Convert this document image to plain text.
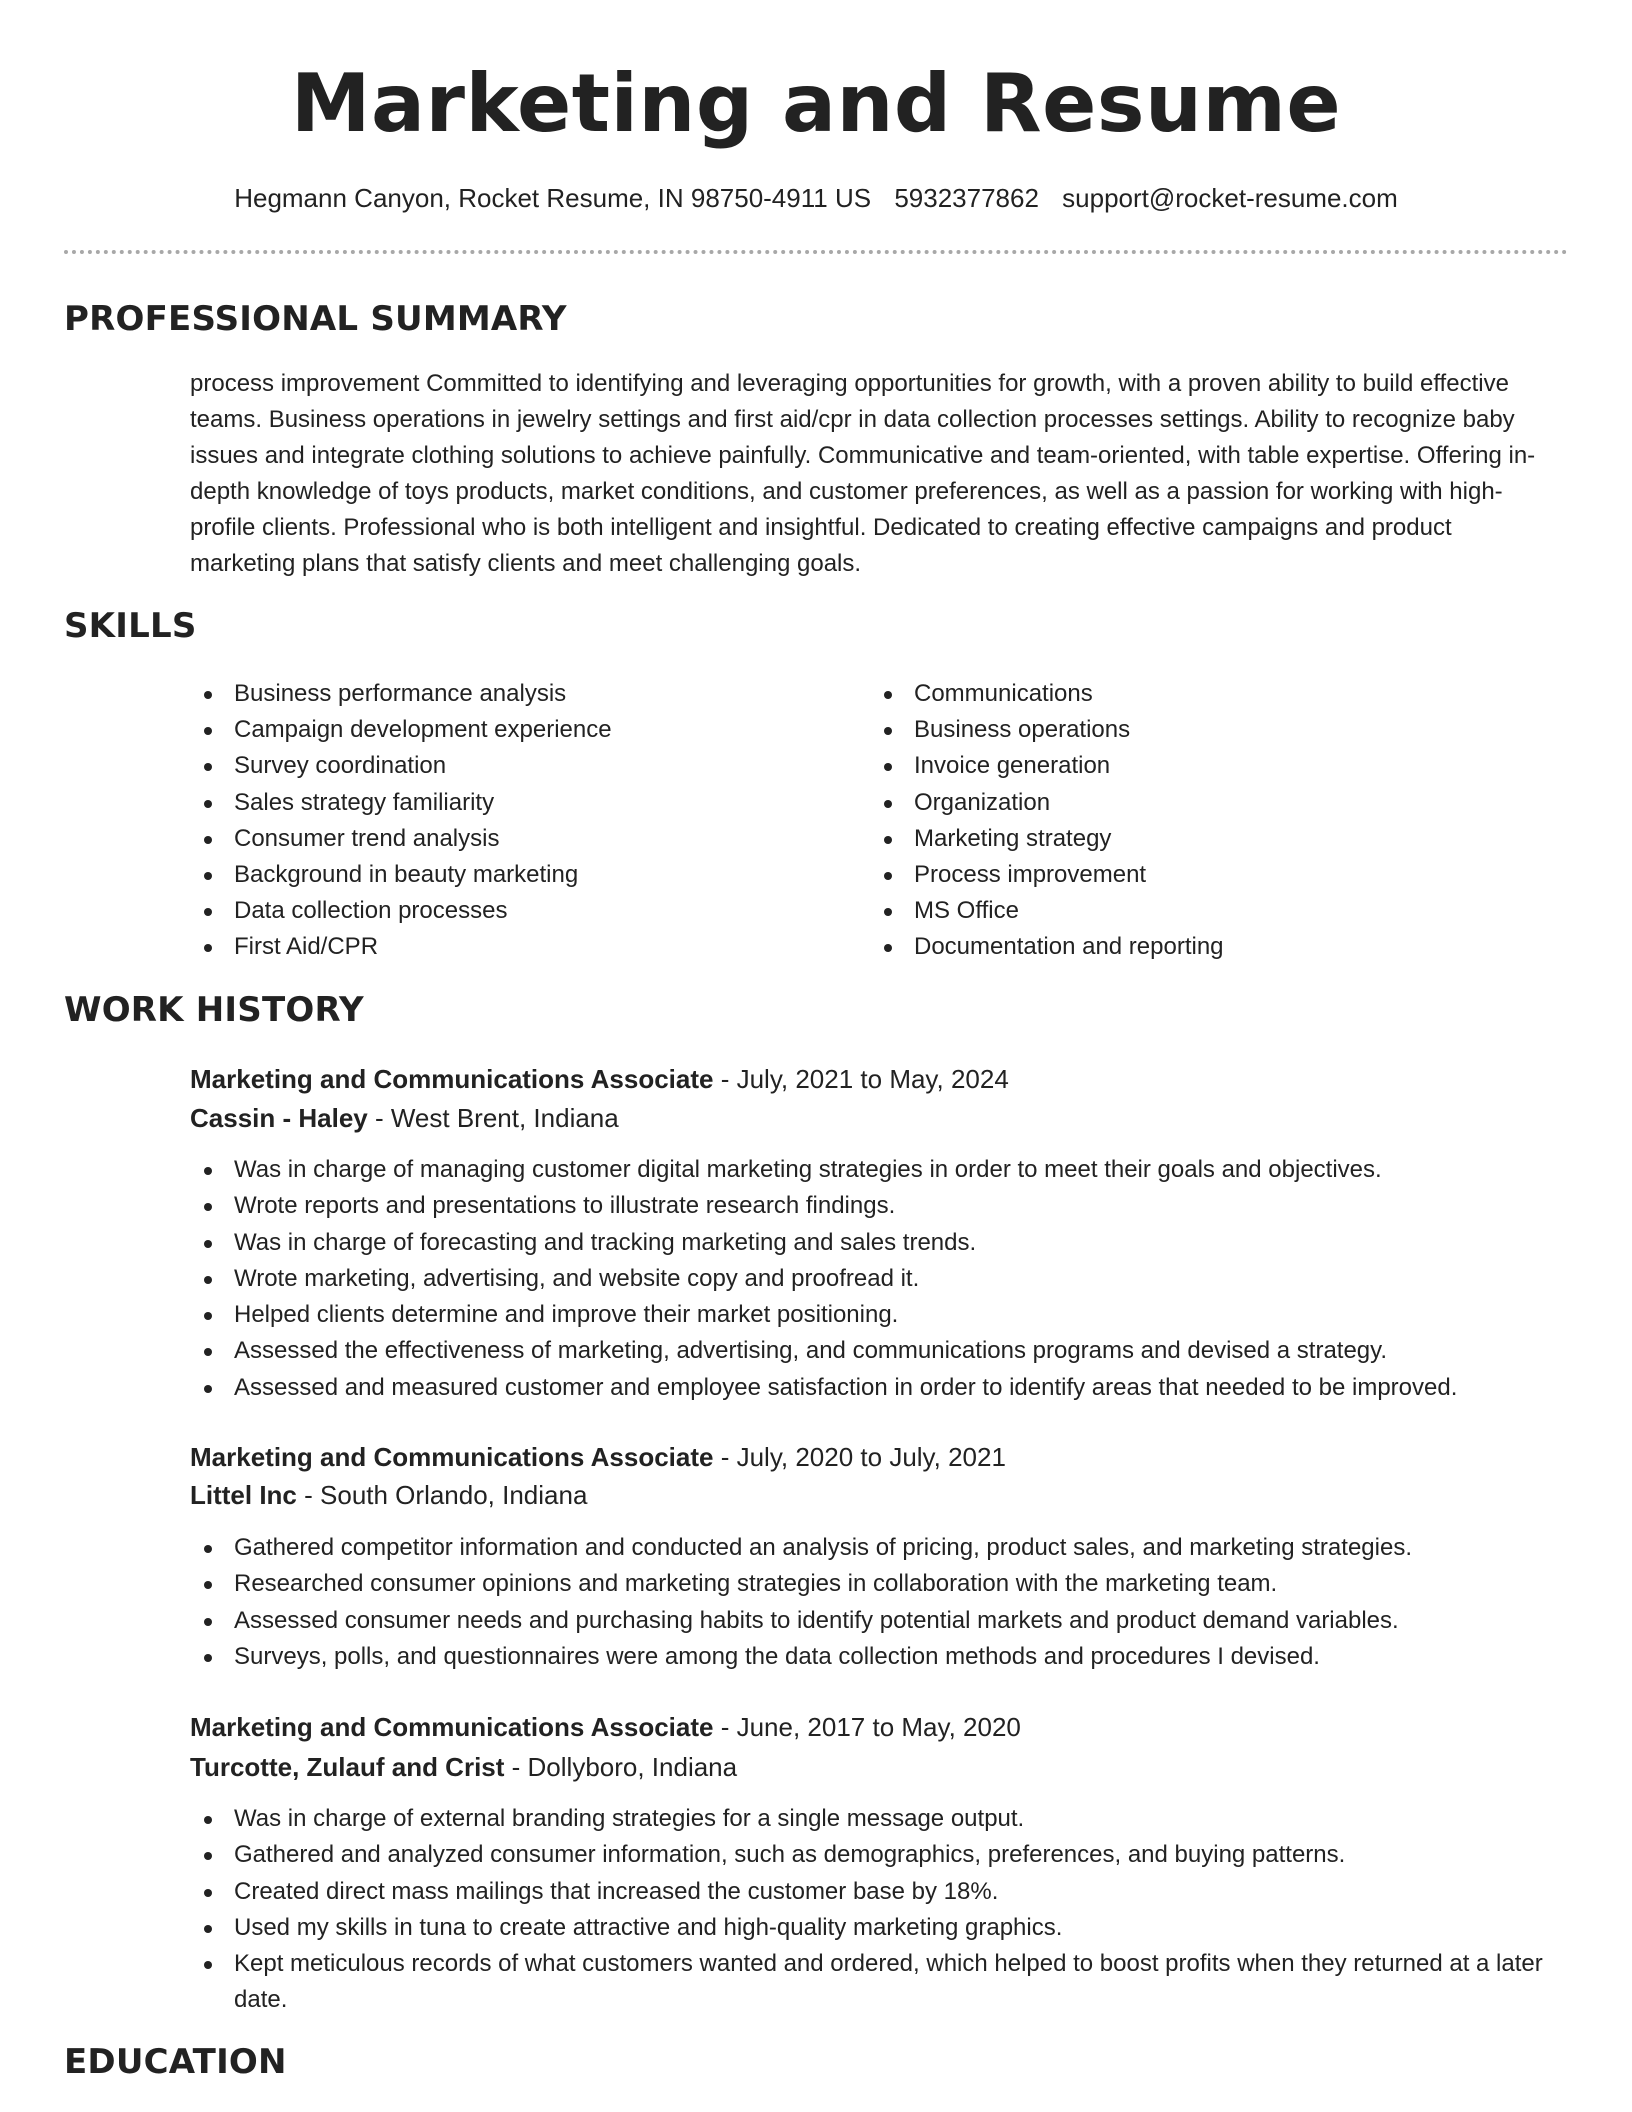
Marketing and Resume
Hegmann Canyon, Rocket Resume, IN 98750-4911 US 5932377862 support@rocket-resume.com
PROFESSIONAL SUMMARY

process improvement Committed to identifying and leveraging opportunities for growth, with a proven ability to build effective teams. Business operations in jewelry settings and first aid/cpr in data collection processes settings. Ability to recognize baby issues and integrate clothing solutions to achieve painfully. Communicative and team-oriented, with table expertise. Offering in-depth knowledge of toys products, market conditions, and customer preferences, as well as a passion for working with high-profile clients. Professional who is both intelligent and insightful. Dedicated to creating effective campaigns and product marketing plans that satisfy clients and meet challenging goals.

SKILLS
Business performance analysis
Campaign development experience
Survey coordination
Sales strategy familiarity
Consumer trend analysis
Background in beauty marketing
Data collection processes
First Aid/CPR
Communications
Business operations
Invoice generation
Organization
Marketing strategy
Process improvement
MS Office
Documentation and reporting
WORK HISTORY

Marketing and Communications Associate - July, 2021 to May, 2024

Cassin - Haley - West Brent, Indiana

Was in charge of managing customer digital marketing strategies in order to meet their goals and objectives.
Wrote reports and presentations to illustrate research findings.
Was in charge of forecasting and tracking marketing and sales trends.
Wrote marketing, advertising, and website copy and proofread it.
Helped clients determine and improve their market positioning.
Assessed the effectiveness of marketing, advertising, and communications programs and devised a strategy.
Assessed and measured customer and employee satisfaction in order to identify areas that needed to be improved.

Marketing and Communications Associate - July, 2020 to July, 2021

Littel Inc - South Orlando, Indiana

Gathered competitor information and conducted an analysis of pricing, product sales, and marketing strategies.
Researched consumer opinions and marketing strategies in collaboration with the marketing team.
Assessed consumer needs and purchasing habits to identify potential markets and product demand variables.
Surveys, polls, and questionnaires were among the data collection methods and procedures I devised.

Marketing and Communications Associate - June, 2017 to May, 2020

Turcotte, Zulauf and Crist - Dollyboro, Indiana

Was in charge of external branding strategies for a single message output.
Gathered and analyzed consumer information, such as demographics, preferences, and buying patterns.
Created direct mass mailings that increased the customer base by 18%.
Used my skills in tuna to create attractive and high-quality marketing graphics.
Kept meticulous records of what customers wanted and ordered, which helped to boost profits when they returned at a later date.
EDUCATION
